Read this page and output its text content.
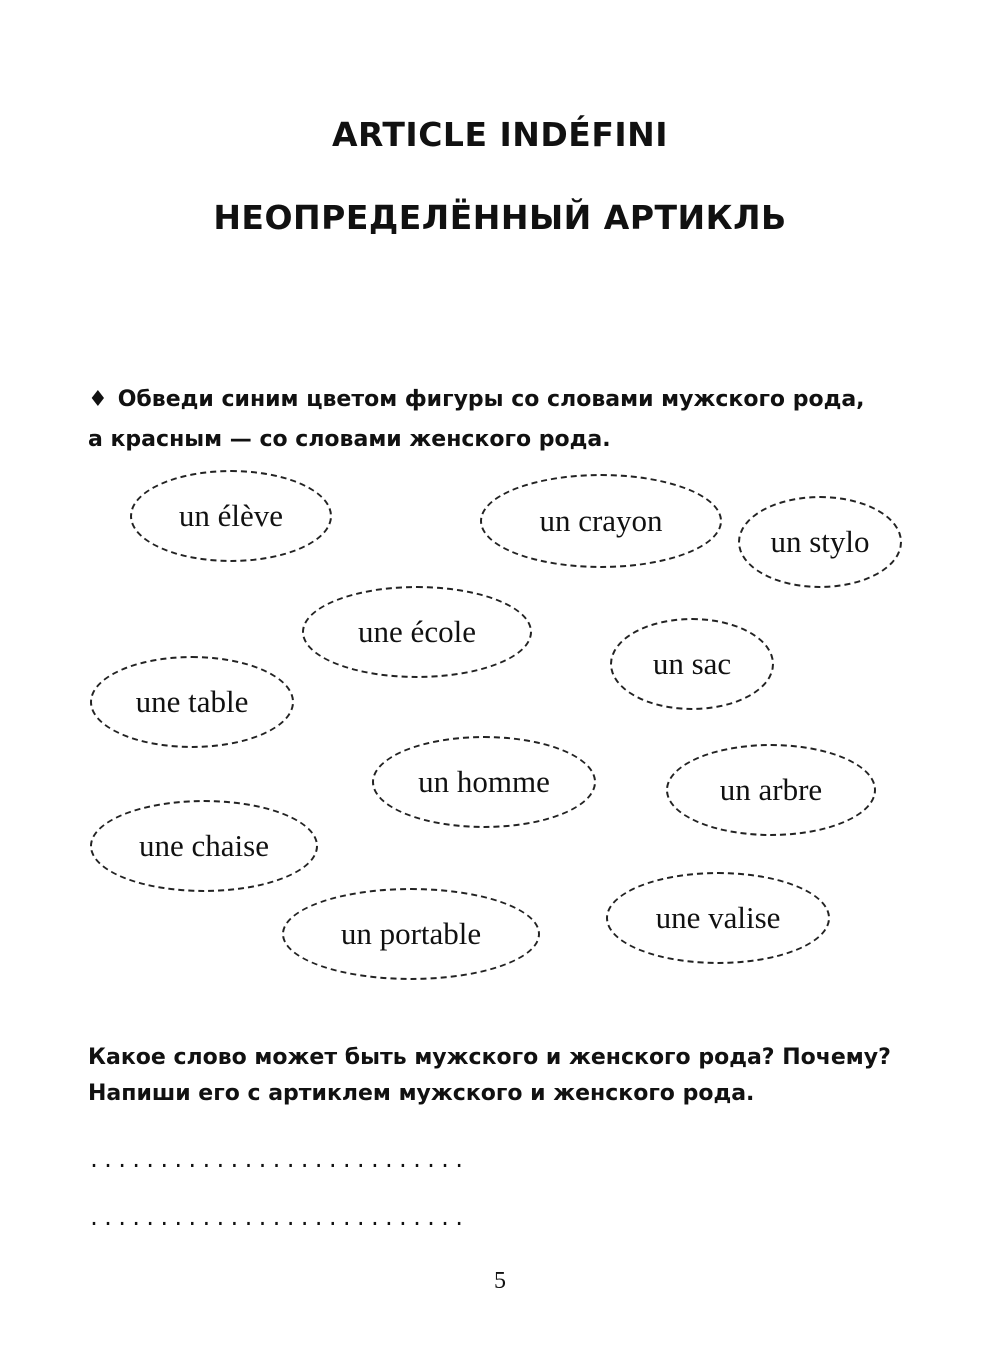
ARTICLE INDÉFINI
НЕОПРЕДЕЛЁННЫЙ АРТИКЛЬ
♦ Обведи синим цветом фигуры со словами мужского рода,
а красным — со словами женского рода.
un élève	un crayon
un stylo
une école
un sac
une table
un homme	un arbre
une chaise
une valise
un portable
Какое слово может быть мужского и женского рода? Почему?
Напиши его с артиклем мужского и женского рода.
...........................
...........................
5
